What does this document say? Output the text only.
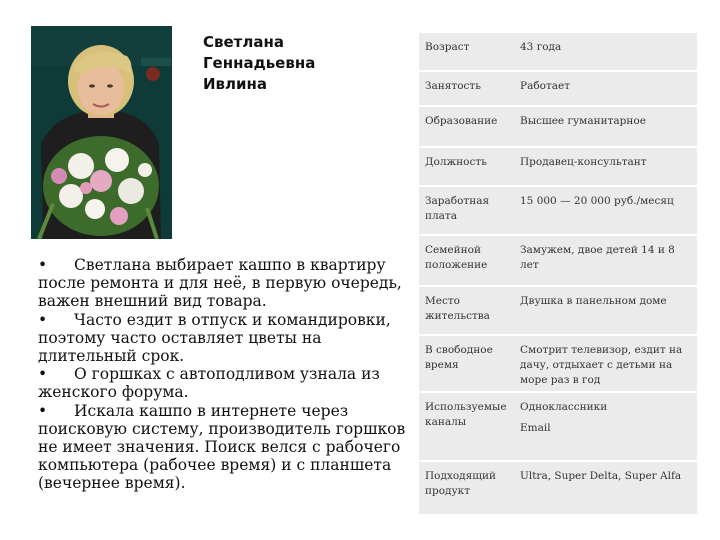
Светлана
Геннадьевна
Ивлина

• Светлана выбирает кашпо в квартиру после ремонта и для неё, в первую очередь, важен внешний вид товара.

• Часто ездит в отпуск и командировки, поэтому часто оставляет цветы на длительный срок.

• О горшках с автоподливом узнала из женского форума.

• Искала кашпо в интернете через поисковую систему, производитель горшков не имеет значения. Поиск велся с рабочего компьютера (рабочее время) и с планшета (вечернее время).

Возраст	43 года
Занятость	Работает
Образование	Высшее гуманитарное
Должность	Продавец-консультант
Заработная плата	15 000 — 20 000 руб./месяц
Семейной положение	Замужем, двое детей 14 и 8 лет
Место жительства	Двушка в панельном доме
В свободное время	Смотрит телевизор, ездит на дачу, отдыхает с детьми на море раз в год
Используемые каналы	Одноклассники
Email

Подходящий продукт	Ultra, Super Delta, Super Alfa
